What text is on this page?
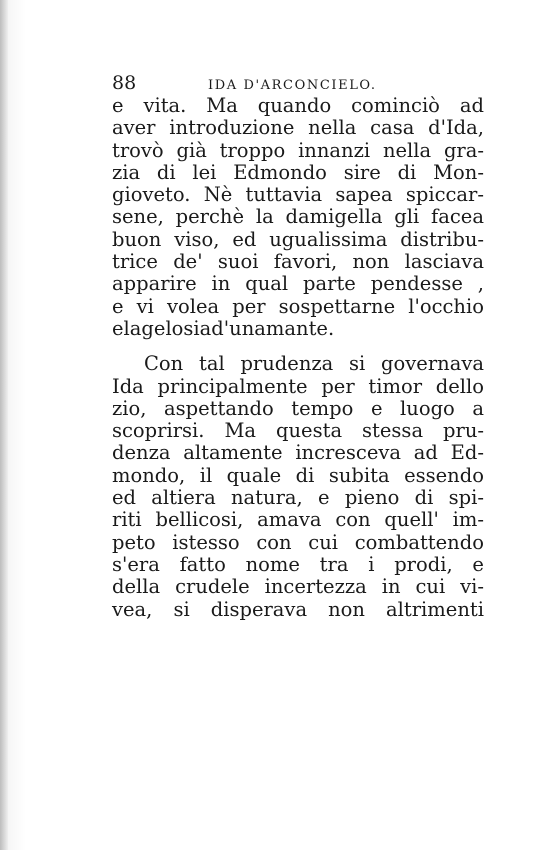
88	IDA D'ARCONCIELO.
e vita. Ma quando cominciò ad
aver introduzione nella casa d'Ida,
trovò già troppo innanzi nella gra-
zia di lei Edmondo sire di Mon-
gioveto. Nè tuttavia sapea spiccar-
sene, perchè la damigella gli facea
buon viso, ed ugualissima distribu-
trice de' suoi favori, non lasciava
apparire in qual parte pendesse ,
e vi volea per sospettarne l'occhio
e la gelosia d'un amante.
Con tal prudenza si governava
Ida principalmente per timor dello
zio, aspettando tempo e luogo a
scoprirsi. Ma questa stessa pru-
denza altamente increscevа ad Ed-
mondo, il quale di subita essendo
ed altiera natura, e pieno di spi-
riti bellicosi, amava con quell' im-
peto istesso con cui combattendo
s'era fatto nome tra i prodi, e
della crudele incertezza in cui vi-
vea, si disperava non altrimenti
